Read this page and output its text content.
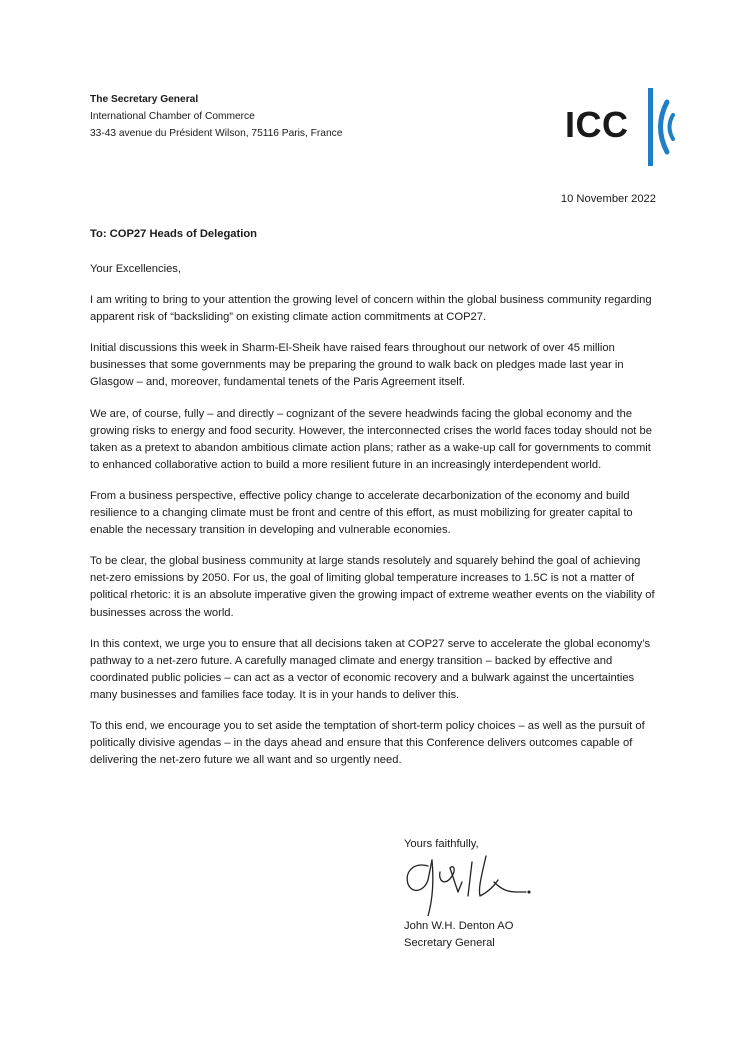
The Secretary General
International Chamber of Commerce
33-43 avenue du Président Wilson, 75116 Paris, France	ICC
10 November 2022
To: COP27 Heads of Delegation

Your Excellencies,

I am writing to bring to your attention the growing level of concern within the global business community regarding apparent risk of “backsliding” on existing climate action commitments at COP27.

Initial discussions this week in Sharm-El-Sheik have raised fears throughout our network of over 45 million businesses that some governments may be preparing the ground to walk back on pledges made last year in Glasgow – and, moreover, fundamental tenets of the Paris Agreement itself.

We are, of course, fully – and directly – cognizant of the severe headwinds facing the global economy and the growing risks to energy and food security. However, the interconnected crises the world faces today should not be taken as a pretext to abandon ambitious climate action plans; rather as a wake-up call for governments to commit to enhanced collaborative action to build a more resilient future in an increasingly interdependent world.

From a business perspective, effective policy change to accelerate decarbonization of the economy and build resilience to a changing climate must be front and centre of this effort, as must mobilizing for greater capital to enable the necessary transition in developing and vulnerable economies.

To be clear, the global business community at large stands resolutely and squarely behind the goal of achieving net-zero emissions by 2050. For us, the goal of limiting global temperature increases to 1.5C is not a matter of political rhetoric: it is an absolute imperative given the growing impact of extreme weather events on the viability of businesses across the world.

In this context, we urge you to ensure that all decisions taken at COP27 serve to accelerate the global economy’s pathway to a net-zero future. A carefully managed climate and energy transition – backed by effective and coordinated public policies – can act as a vector of economic recovery and a bulwark against the uncertainties many businesses and families face today. It is in your hands to deliver this.

To this end, we encourage you to set aside the temptation of short-term policy choices – as well as the pursuit of politically divisive agendas – in the days ahead and ensure that this Conference delivers outcomes capable of delivering the net-zero future we all want and so urgently need.

Yours faithfully,
John W.H. Denton AO
Secretary General
